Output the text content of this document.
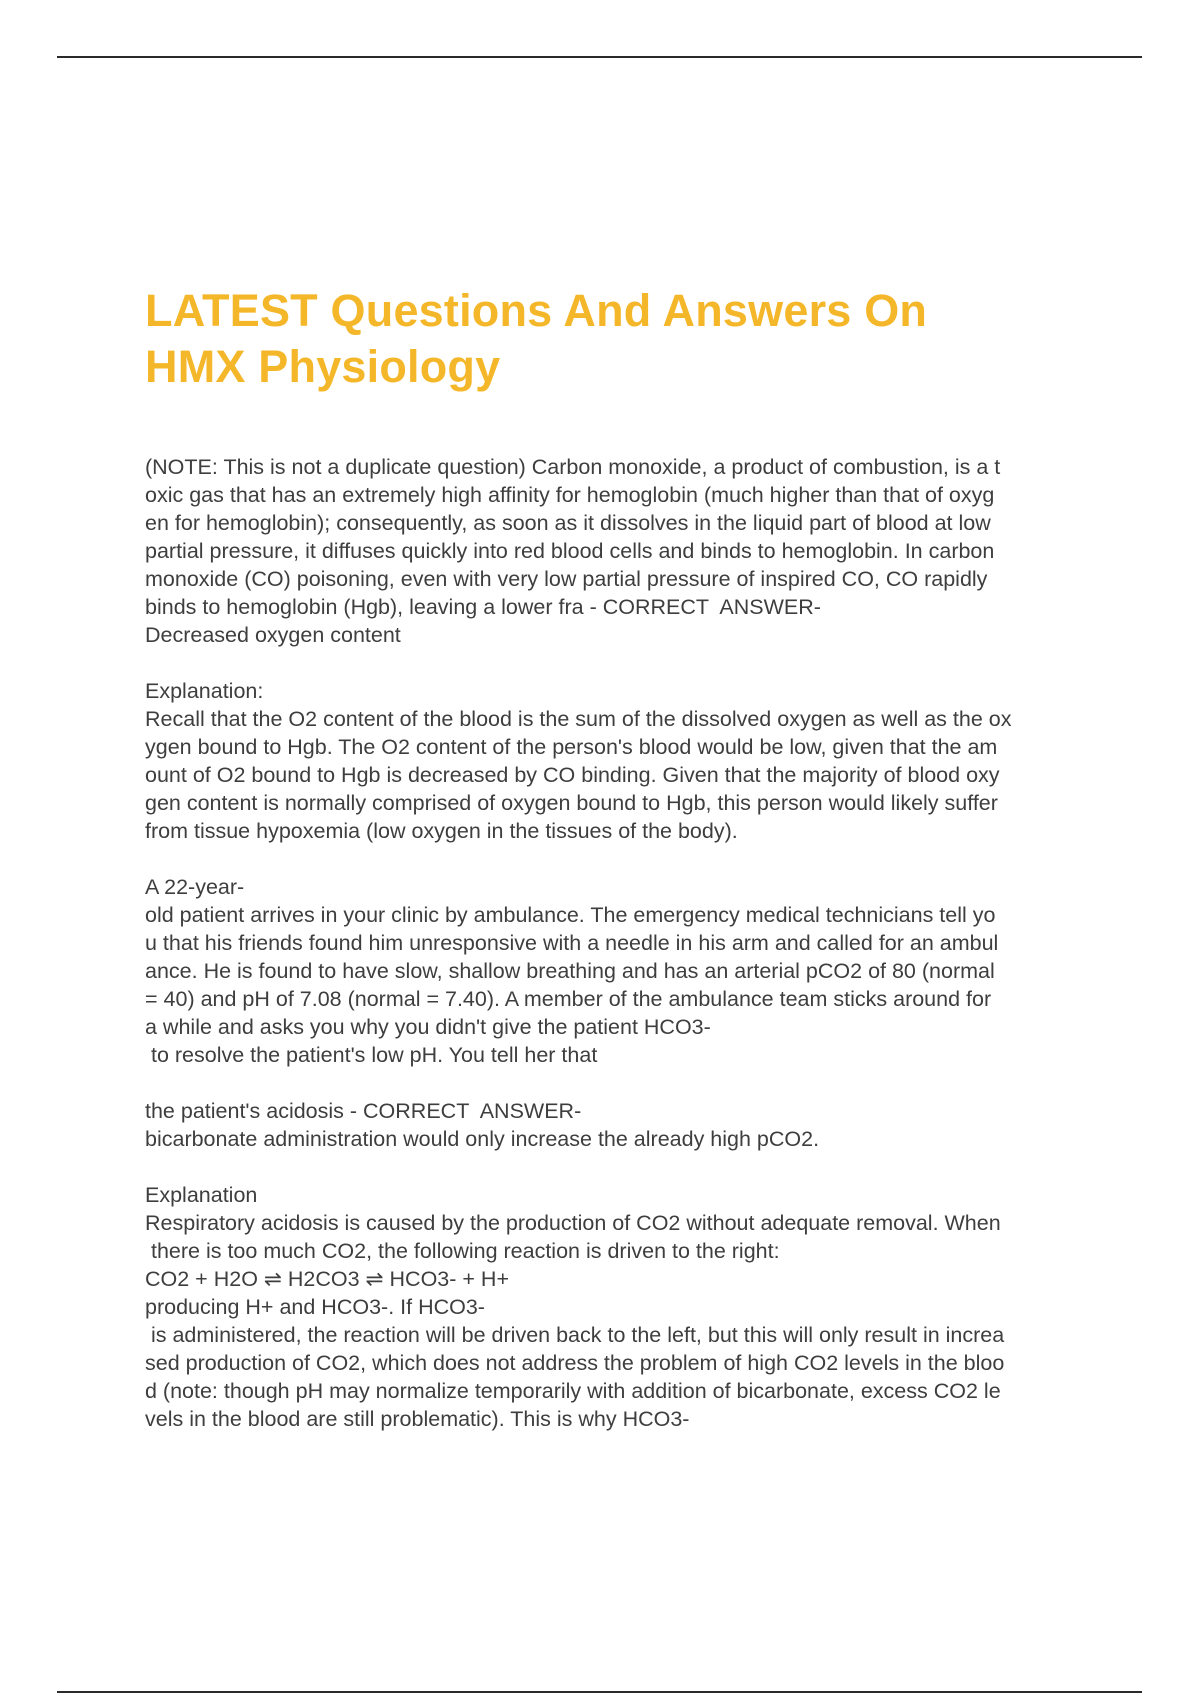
LATEST Questions And Answers On
HMX Physiology
(NOTE: This is not a duplicate question) Carbon monoxide, a product of combustion, is a t
oxic gas that has an extremely high affinity for hemoglobin (much higher than that of oxyg
en for hemoglobin); consequently, as soon as it dissolves in the liquid part of blood at low
partial pressure, it diffuses quickly into red blood cells and binds to hemoglobin. In carbon
monoxide (CO) poisoning, even with very low partial pressure of inspired CO, CO rapidly
binds to hemoglobin (Hgb), leaving a lower fra - CORRECT  ANSWER-
Decreased oxygen content
Explanation:
Recall that the O2 content of the blood is the sum of the dissolved oxygen as well as the ox
ygen bound to Hgb. The O2 content of the person's blood would be low, given that the am
ount of O2 bound to Hgb is decreased by CO binding. Given that the majority of blood oxy
gen content is normally comprised of oxygen bound to Hgb, this person would likely suffer
from tissue hypoxemia (low oxygen in the tissues of the body).
A 22-year-
old patient arrives in your clinic by ambulance. The emergency medical technicians tell yo
u that his friends found him unresponsive with a needle in his arm and called for an ambul
ance. He is found to have slow, shallow breathing and has an arterial pCO2 of 80 (normal
= 40) and pH of 7.08 (normal = 7.40). A member of the ambulance team sticks around for
a while and asks you why you didn't give the patient HCO3-
to resolve the patient's low pH. You tell her that
the patient's acidosis - CORRECT  ANSWER-
bicarbonate administration would only increase the already high pCO2.
Explanation
Respiratory acidosis is caused by the production of CO2 without adequate removal. When
there is too much CO2, the following reaction is driven to the right:
CO2 + H2O ⇌ H2CO3 ⇌ HCO3- + H+
producing H+ and HCO3-. If HCO3-
is administered, the reaction will be driven back to the left, but this will only result in increa
sed production of CO2, which does not address the problem of high CO2 levels in the bloo
d (note: though pH may normalize temporarily with addition of bicarbonate, excess CO2 le
vels in the blood are still problematic). This is why HCO3-
